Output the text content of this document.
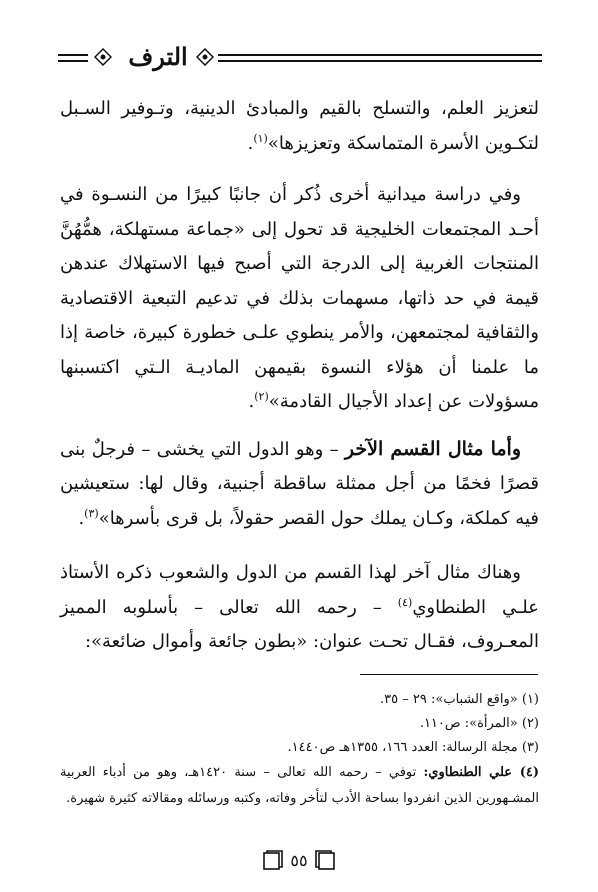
الترف

لتعزيز العلم، والتسلح بالقيم والمبادئ الدينية، وتـوفير السـبل لتكـوين الأسرة المتماسكة وتعزيزها»$^{(١)}$.

وفي دراسة ميدانية أخرى ذُكر أن جانبًا كبيرًا من النسـوة في أحـد المجتمعات الخليجية قد تحول إلى «جماعة مستهلكة، همُّهُنَّ المنتجات الغربية إلى الدرجة التي أصبح فيها الاستهلاك عندهن قيمة في حد ذاتها، مسهمات بذلك في تدعيم التبعية الاقتصادية والثقافية لمجتمعهن، والأمر ينطوي علـى خطورة كبيرة، خاصة إذا ما علمنا أن هؤلاء النسوة بقيمهن الماديـة الـتي اكتسبنها مسؤولات عن إعداد الأجيال القادمة»$^{(٢)}$.

وأما مثال القسم الآخر – وهو الدول التي يخشى – فرجلٌ بنى قصرًا فخمًا من أجل ممثلة ساقطة أجنبية، وقال لها: ستعيشين فيه كملكة، وكـان يملك حول القصر حقولاً، بل قرى بأسرها»$^{(٣)}$.

وهناك مثال آخر لهذا القسم من الدول والشعوب ذكره الأستاذ علـي الطنطاوي$^{(٤)}$ – رحمه الله تعالى – بأسلوبه المميز المعـروف، فقـال تحـت عنوان: «بطون جائعة وأموال ضائعة»:

(١) «واقع الشباب»: ٢٩ – ٣٥.

(٢) «المرأة»: ص١١٠.

(٣) مجلة الرسالة: العدد ١٦٦، ١٣٥٥هـ ص١٤٤٠.

(٤) علي الطنطاوي: توفي – رحمه الله تعالى – سنة ١٤٢٠هـ، وهو من أدباء العربية المشـهورين الذين انفردوا بساحة الأدب لتأخر وفاته، وكتبه ورسائله ومقالاته كثيرة شهيرة.

٥٥
